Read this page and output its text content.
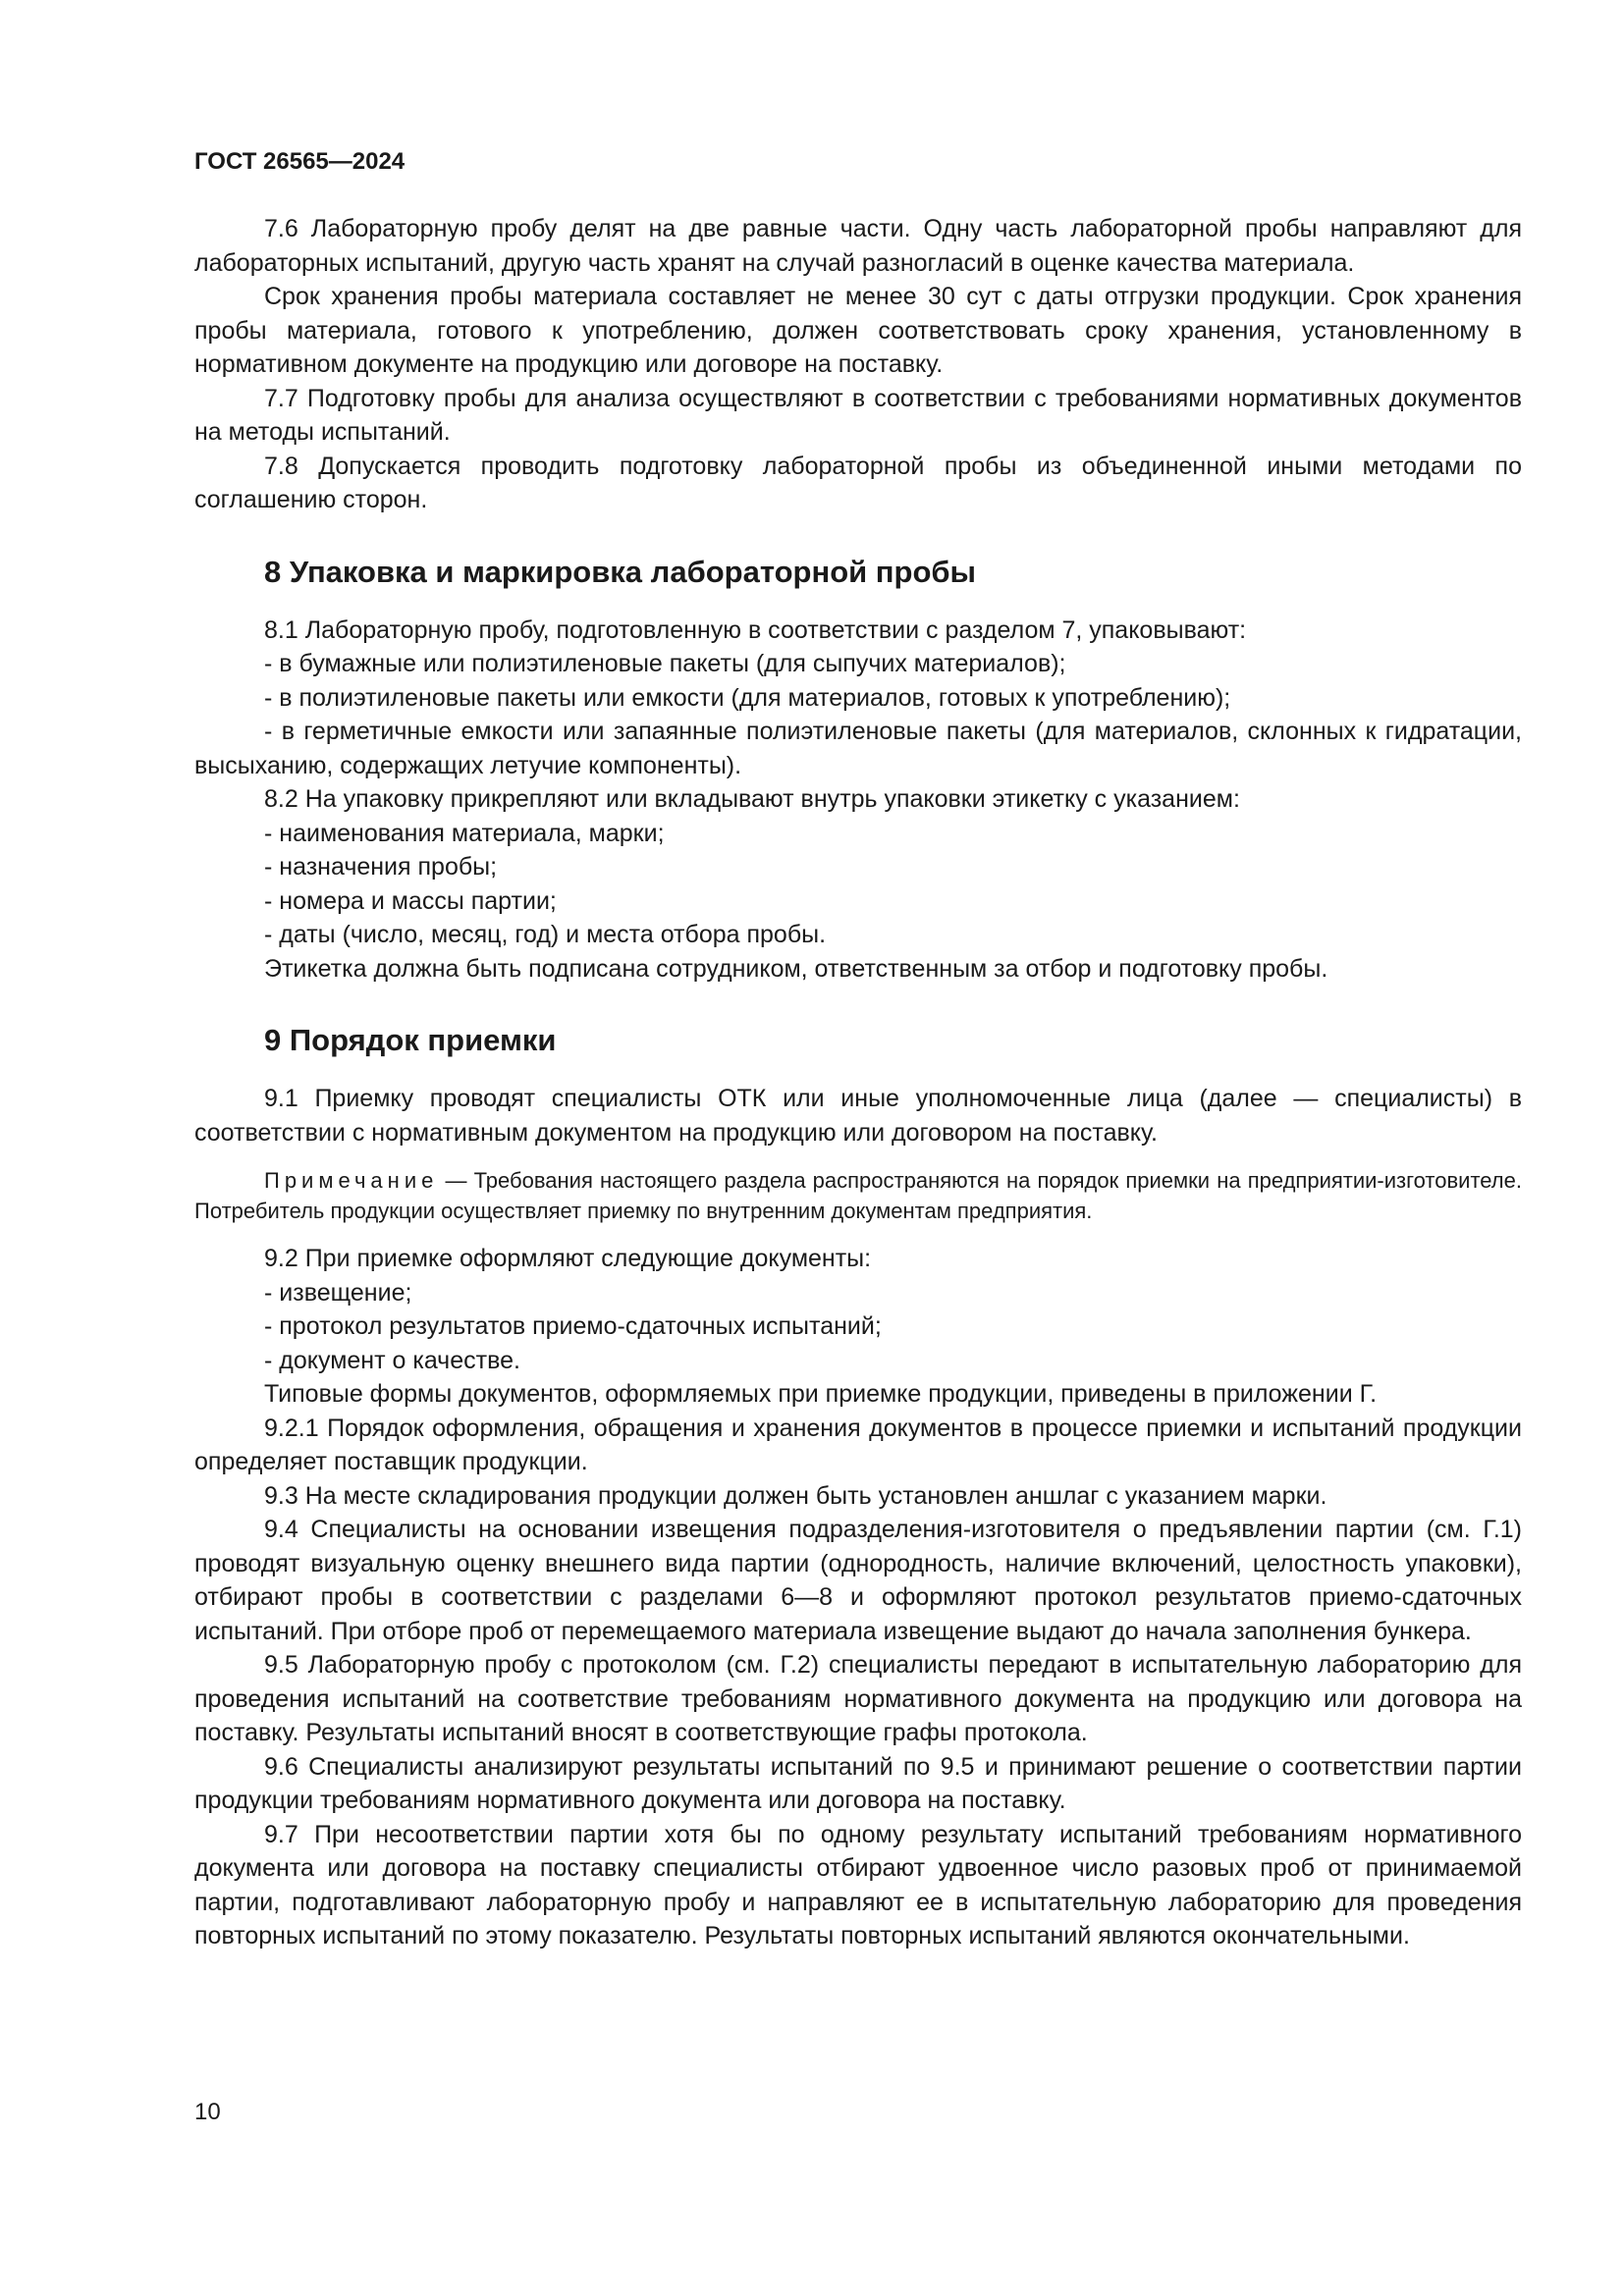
ГОСТ 26565—2024

7.6 Лабораторную пробу делят на две равные части. Одну часть лабораторной пробы направляют для лабораторных испытаний, другую часть хранят на случай разногласий в оценке качества материала.

Срок хранения пробы материала составляет не менее 30 сут с даты отгрузки продукции. Срок хранения пробы материала, готового к употреблению, должен соответствовать сроку хранения, установленному в нормативном документе на продукцию или договоре на поставку.

7.7 Подготовку пробы для анализа осуществляют в соответствии с требованиями нормативных документов на методы испытаний.

7.8 Допускается проводить подготовку лабораторной пробы из объединенной иными методами по соглашению сторон.

8 Упаковка и маркировка лабораторной пробы

8.1 Лабораторную пробу, подготовленную в соответствии с разделом 7, упаковывают:

- в бумажные или полиэтиленовые пакеты (для сыпучих материалов);

- в полиэтиленовые пакеты или емкости (для материалов, готовых к употреблению);

- в герметичные емкости или запаянные полиэтиленовые пакеты (для материалов, склонных к гидратации, высыханию, содержащих летучие компоненты).

8.2 На упаковку прикрепляют или вкладывают внутрь упаковки этикетку с указанием:

- наименования материала, марки;

- назначения пробы;

- номера и массы партии;

- даты (число, месяц, год) и места отбора пробы.

Этикетка должна быть подписана сотрудником, ответственным за отбор и подготовку пробы.

9 Порядок приемки

9.1 Приемку проводят специалисты ОТК или иные уполномоченные лица (далее — специалисты) в соответствии с нормативным документом на продукцию или договором на поставку.

Примечание — Требования настоящего раздела распространяются на порядок приемки на предприятии-изготовителе. Потребитель продукции осуществляет приемку по внутренним документам предприятия.

9.2 При приемке оформляют следующие документы:

- извещение;

- протокол результатов приемо-сдаточных испытаний;

- документ о качестве.

Типовые формы документов, оформляемых при приемке продукции, приведены в приложении Г.

9.2.1 Порядок оформления, обращения и хранения документов в процессе приемки и испытаний продукции определяет поставщик продукции.

9.3 На месте складирования продукции должен быть установлен аншлаг с указанием марки.

9.4 Специалисты на основании извещения подразделения-изготовителя о предъявлении партии (см. Г.1) проводят визуальную оценку внешнего вида партии (однородность, наличие включений, целостность упаковки), отбирают пробы в соответствии с разделами 6—8 и оформляют протокол результатов приемо-сдаточных испытаний. При отборе проб от перемещаемого материала извещение выдают до начала заполнения бункера.

9.5 Лабораторную пробу с протоколом (см. Г.2) специалисты передают в испытательную лабораторию для проведения испытаний на соответствие требованиям нормативного документа на продукцию или договора на поставку. Результаты испытаний вносят в соответствующие графы протокола.

9.6 Специалисты анализируют результаты испытаний по 9.5 и принимают решение о соответствии партии продукции требованиям нормативного документа или договора на поставку.

9.7 При несоответствии партии хотя бы по одному результату испытаний требованиям нормативного документа или договора на поставку специалисты отбирают удвоенное число разовых проб от принимаемой партии, подготавливают лабораторную пробу и направляют ее в испытательную лабораторию для проведения повторных испытаний по этому показателю. Результаты повторных испытаний являются окончательными.

10
